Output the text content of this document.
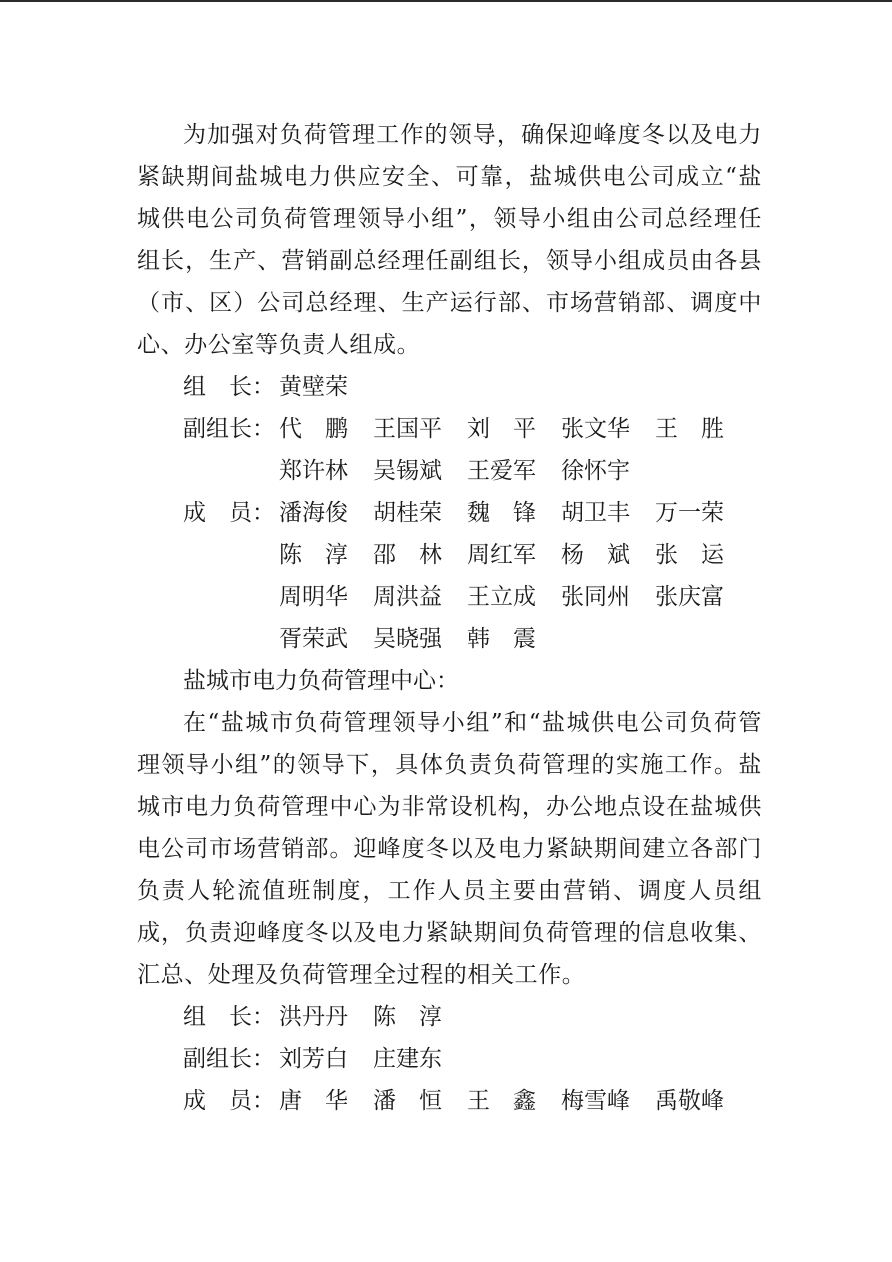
为加强对负荷管理工作的领导，确保迎峰度冬以及电力紧缺期间盐城电力供应安全、可靠，盐城供电公司成立“盐城供电公司负荷管理领导小组”，领导小组由公司总经理任组长，生产、营销副总经理任副组长，领导小组成员由各县（市、区）公司总经理、生产运行部、市场营销部、调度中心、办公室等负责人组成。

组　长： 黄壁荣
副组长： 代　鹏	王国平	刘　平	张文华	王　胜
郑许林	吴锡斌	王爱军	徐怀宇
成　员： 潘海俊	胡桂荣	魏　锋	胡卫丰	万一荣
陈　淳	邵　林	周红军	杨　斌	张　运
周明华	周洪益	王立成	张同州	张庆富
胥荣武	吴晓强	韩　震
盐城市电力负荷管理中心：

在“盐城市负荷管理领导小组”和“盐城供电公司负荷管理领导小组”的领导下，具体负责负荷管理的实施工作。盐城市电力负荷管理中心为非常设机构，办公地点设在盐城供电公司市场营销部。迎峰度冬以及电力紧缺期间建立各部门负责人轮流值班制度，工作人员主要由营销、调度人员组成，负责迎峰度冬以及电力紧缺期间负荷管理的信息收集、汇总、处理及负荷管理全过程的相关工作。

组　长： 洪丹丹	陈　淳
副组长： 刘芳白	庄建东
成　员： 唐　华	潘　恒	王　鑫	梅雪峰	禹敬峰
